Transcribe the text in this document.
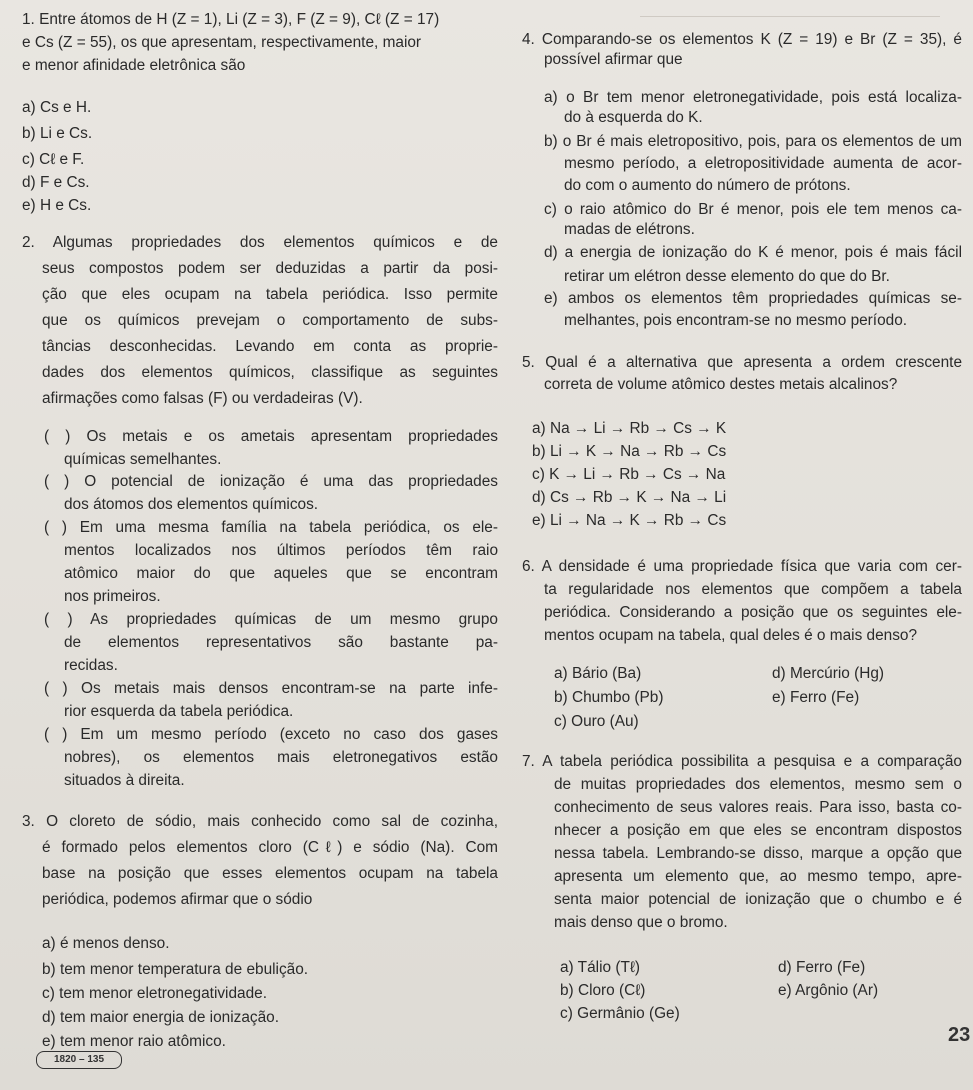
1. Entre átomos de H (Z = 1), Li (Z = 3), F (Z = 9), Cℓ (Z = 17)
e Cs (Z = 55), os que apresentam, respectivamente, maior
e menor afinidade eletrônica são
a) Cs e H.
b) Li e Cs.
c) Cℓ e F.
d) F e Cs.
e) H e Cs.
2. Algumas propriedades dos elementos químicos e de
seus compostos podem ser deduzidas a partir da posi-
ção que eles ocupam na tabela periódica. Isso permite
que os químicos prevejam o comportamento de subs-
tâncias desconhecidas. Levando em conta as proprie-
dades dos elementos químicos, classifique as seguintes
afirmações como falsas (F) ou verdadeiras (V).
( ) Os metais e os ametais apresentam propriedades
químicas semelhantes.
( ) O potencial de ionização é uma das propriedades
dos átomos dos elementos químicos.
( ) Em uma mesma família na tabela periódica, os ele-
mentos localizados nos últimos períodos têm raio
atômico maior do que aqueles que se encontram
nos primeiros.
( ) As propriedades químicas de um mesmo grupo
de elementos representativos são bastante pa-
recidas.
( ) Os metais mais densos encontram-se na parte infe-
rior esquerda da tabela periódica.
( ) Em um mesmo período (exceto no caso dos gases
nobres), os elementos mais eletronegativos estão
situados à direita.
3. O cloreto de sódio, mais conhecido como sal de cozinha,
é formado pelos elementos cloro (Cℓ) e sódio (Na). Com
base na posição que esses elementos ocupam na tabela
periódica, podemos afirmar que o sódio
a) é menos denso.
b) tem menor temperatura de ebulição.
c) tem menor eletronegatividade.
d) tem maior energia de ionização.
e) tem menor raio atômico.
4. Comparando-se os elementos K (Z = 19) e Br (Z = 35), é
possível afirmar que
a) o Br tem menor eletronegatividade, pois está localiza-
do à esquerda do K.
b) o Br é mais eletropositivo, pois, para os elementos de um
mesmo período, a eletropositividade aumenta de acor-
do com o aumento do número de prótons.
c) o raio atômico do Br é menor, pois ele tem menos ca-
madas de elétrons.
d) a energia de ionização do K é menor, pois é mais fácil
retirar um elétron desse elemento do que do Br.
e) ambos os elementos têm propriedades químicas se-
melhantes, pois encontram-se no mesmo período.
5. Qual é a alternativa que apresenta a ordem crescente
correta de volume atômico destes metais alcalinos?
a) Na → Li → Rb → Cs → K
b) Li → K → Na → Rb → Cs
c) K → Li → Rb → Cs → Na
d) Cs → Rb → K → Na → Li
e) Li → Na → K → Rb → Cs
6. A densidade é uma propriedade física que varia com cer-
ta regularidade nos elementos que compõem a tabela
periódica. Considerando a posição que os seguintes ele-
mentos ocupam na tabela, qual deles é o mais denso?
a) Bário (Ba)
b) Chumbo (Pb)
c) Ouro (Au)
d) Mercúrio (Hg)
e) Ferro (Fe)
7. A tabela periódica possibilita a pesquisa e a comparação
de muitas propriedades dos elementos, mesmo sem o
conhecimento de seus valores reais. Para isso, basta co-
nhecer a posição em que eles se encontram dispostos
nessa tabela. Lembrando-se disso, marque a opção que
apresenta um elemento que, ao mesmo tempo, apre-
senta maior potencial de ionização que o chumbo e é
mais denso que o bromo.
a) Tálio (Tℓ)
b) Cloro (Cℓ)
c) Germânio (Ge)
d) Ferro (Fe)
e) Argônio (Ar)
1820 – 135
23
